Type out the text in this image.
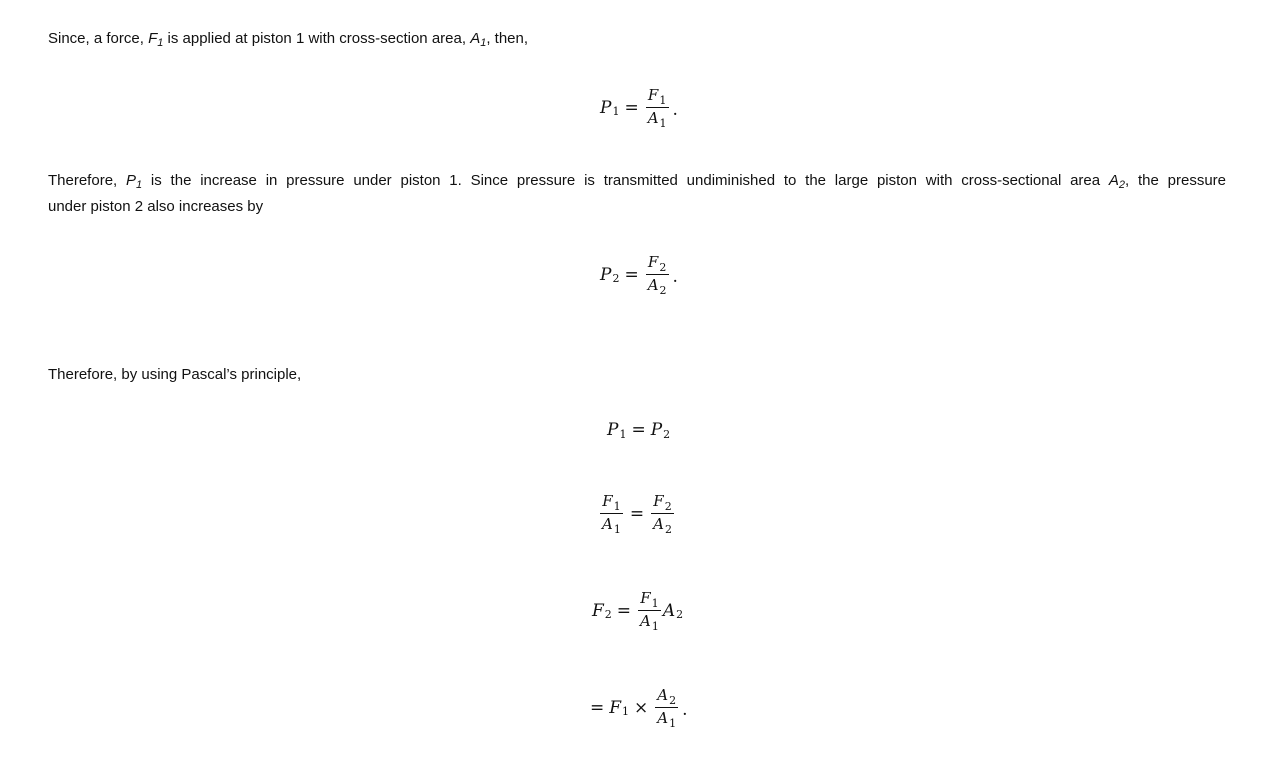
Since, a force, $F_1$ is applied at piston 1 with cross-section area, $A_1$, then,
P $1 = \frac{F_1}{A_1}$ .
Therefore, $P_1$ is the increase in pressure under piston 1. Since pressure is transmitted undiminished to the large piston with cross-sectional area $A_2$, the pressure
under piston 2 also increases by
P $2 = \frac{F_2}{A_2}$ .
Therefore, by using Pascal’s principle,
P 1 = P 2
$\frac{F_1}{A_1} = \frac{F_2}{A_2}$
F $2 = \frac{F_1}{A_1}$ A 2
= F $1 \times \frac{A_2}{A_1}$ .
